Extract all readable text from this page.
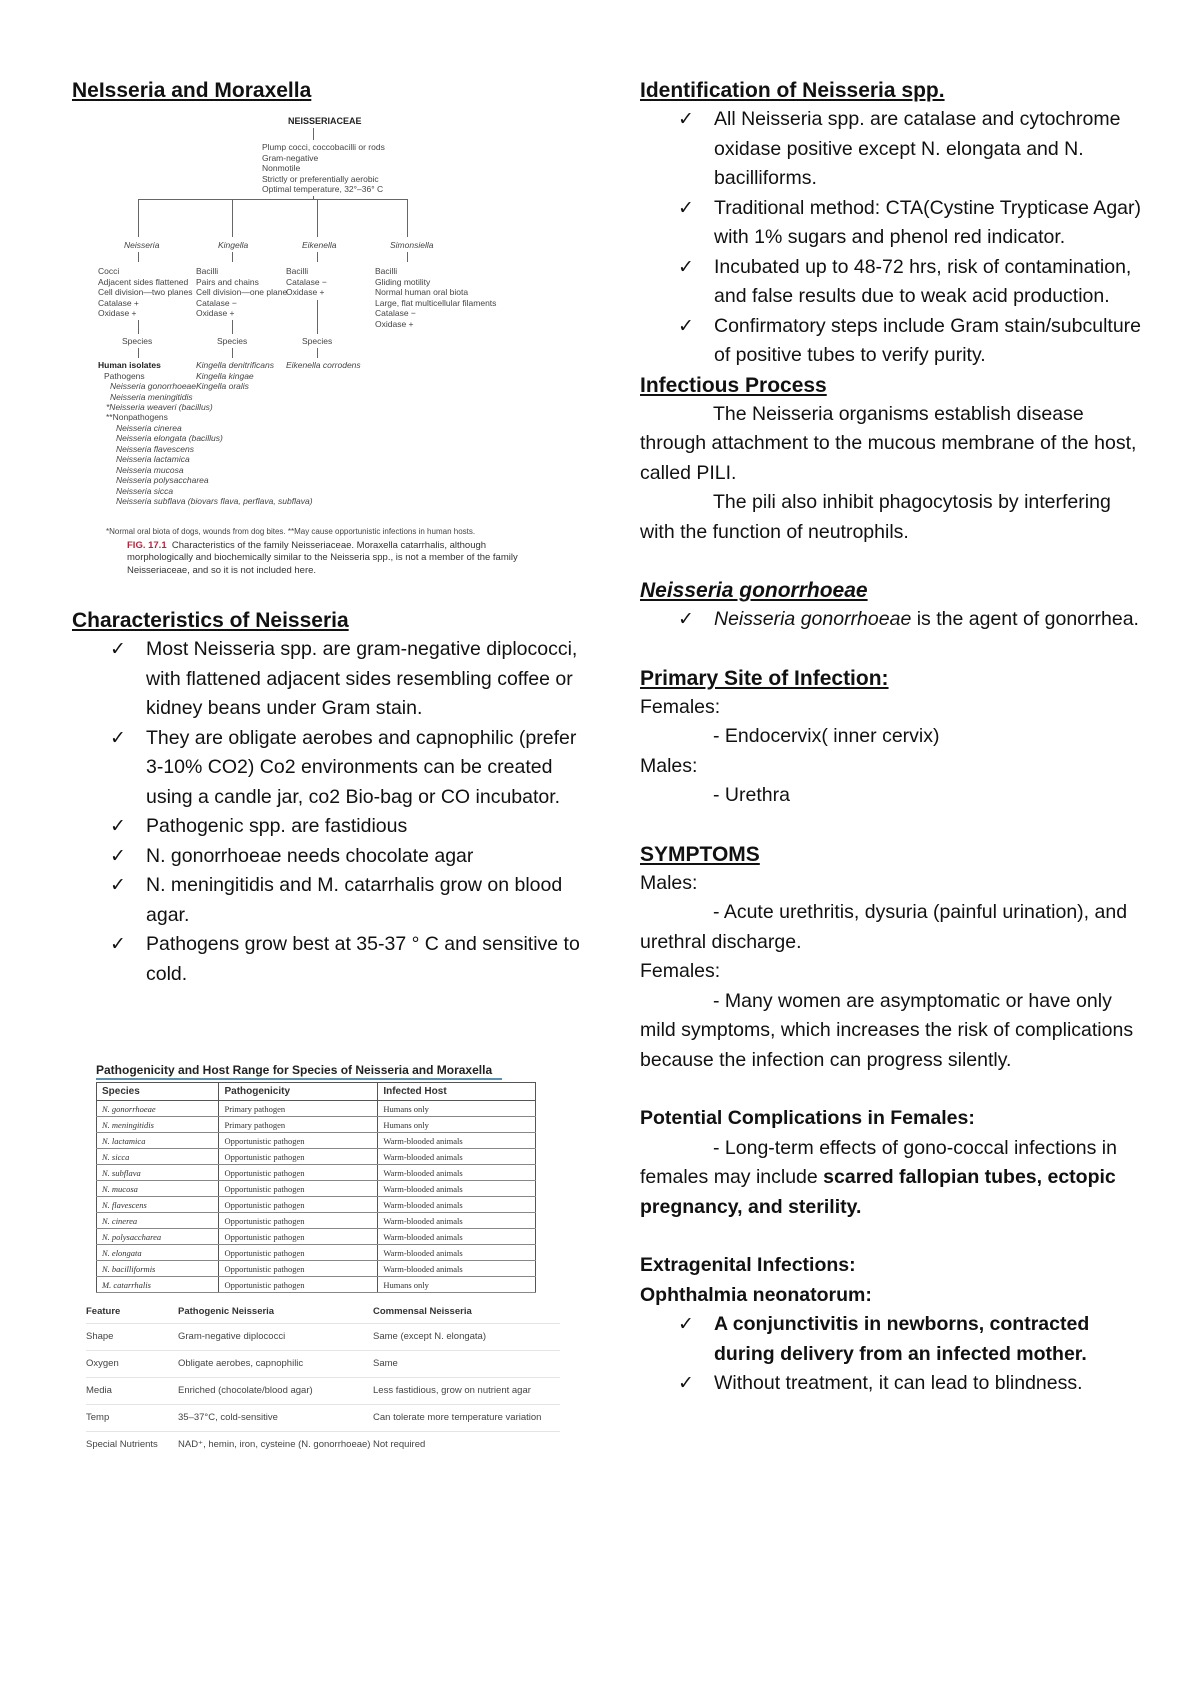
NeIsseria and Moraxella

NEISSERIACEAE
Plump cocci, coccobacilli or rods
Gram-negative
Nonmotile
Strictly or preferentially aerobic
Optimal temperature, 32°–36° C
Neisseria	Kingella	Eikenella	Simonsiella
Cocci
Adjacent sides flattened
Cell division—two planes
Catalase +
Oxidase +
Bacilli
Pairs and chains
Cell division—one plane
Catalase −
Oxidase +
Bacilli
Catalase −
Oxidase +
Bacilli
Gliding motility
Normal human oral biota
Large, flat multicellular filaments
Catalase −
Oxidase +
Species	Species	Species
Human isolates
Pathogens
Neisseria gonorrhoeae
Neisseria meningitidis
*Neisseria weaveri (bacillus)
Kingella denitrificans
Kingella kingae
Kingella oralis
Eikenella corrodens
**Nonpathogens
Neisseria cinerea
Neisseria elongata (bacillus)
Neisseria flavescens
Neisseria lactamica
Neisseria mucosa
Neisseria polysaccharea
Neisseria sicca
Neisseria subflava (biovars flava, perflava, subflava)
*Normal oral biota of dogs, wounds from dog bites. **May cause opportunistic infections in human hosts.
FIG. 17.1 Characteristics of the family Neisseriaceae. Moraxella catarrhalis, although morphologically and biochemically similar to the Neisseria spp., is not a member of the family Neisseriaceae, and so it is not included here.

Characteristics of Neisseria

✓ Most Neisseria spp. are gram-negative diplococci, with flattened adjacent sides resembling coffee or kidney beans under Gram stain.
✓ They are obligate aerobes and capnophilic (prefer 3-10% CO2) Co2 environments can be created using a candle jar, co2 Bio-bag or CO incubator.
✓ Pathogenic spp. are fastidious
✓ N. gonorrhoeae needs chocolate agar
✓ N. meningitidis and M. catarrhalis grow on blood agar.
✓ Pathogens grow best at 35-37 ° C and sensitive to cold.
Pathogenicity and Host Range for Species of Neisseria and Moraxella
Species	Pathogenicity	Infected Host
N. gonorrhoeae	Primary pathogen	Humans only
N. meningitidis	Primary pathogen	Humans only
N. lactamica	Opportunistic pathogen	Warm-blooded animals
N. sicca	Opportunistic pathogen	Warm-blooded animals
N. subflava	Opportunistic pathogen	Warm-blooded animals
N. mucosa	Opportunistic pathogen	Warm-blooded animals
N. flavescens	Opportunistic pathogen	Warm-blooded animals
N. cinerea	Opportunistic pathogen	Warm-blooded animals
N. polysaccharea	Opportunistic pathogen	Warm-blooded animals
N. elongata	Opportunistic pathogen	Warm-blooded animals
N. bacilliformis	Opportunistic pathogen	Warm-blooded animals
M. catarrhalis	Opportunistic pathogen	Humans only
Feature	Pathogenic Neisseria	Commensal Neisseria
Shape	Gram-negative diplococci	Same (except N. elongata)
Oxygen	Obligate aerobes, capnophilic	Same
Media	Enriched (chocolate/blood agar)	Less fastidious, grow on nutrient agar
Temp	35–37°C, cold-sensitive	Can tolerate more temperature variation
Special Nutrients	NAD⁺, hemin, iron, cysteine (N. gonorrhoeae)	Not required

Identification of Neisseria spp.

✓ All Neisseria spp. are catalase and cytochrome oxidase positive except N. elongata and N. bacilliforms.
✓ Traditional method: CTA(Cystine Trypticase Agar) with 1% sugars and phenol red indicator.
✓ Incubated up to 48-72 hrs, risk of contamination, and false results due to weak acid production.
✓ Confirmatory steps include Gram stain/subculture of positive tubes to verify purity.

Infectious Process

The Neisseria organisms establish disease through attachment to the mucous membrane of the host, called PILI.

The pili also inhibit phagocytosis by interfering with the function of neutrophils.

Neisseria gonorrhoeae

✓ Neisseria gonorrhoeae is the agent of gonorrhea.

Primary Site of Infection:

Females:

- Endocervix( inner cervix)

Males:

- Urethra

SYMPTOMS

Males:

- Acute urethritis, dysuria (painful urination), and urethral discharge.

Females:

- Many women are asymptomatic or have only mild symptoms, which increases the risk of complications because the infection can progress silently.

Potential Complications in Females:

- Long-term effects of gono-coccal infections in females may include scarred fallopian tubes, ectopic pregnancy, and sterility.

Extragenital Infections:

Ophthalmia neonatorum:

✓ A conjunctivitis in newborns, contracted during delivery from an infected mother.
✓ Without treatment, it can lead to blindness.
